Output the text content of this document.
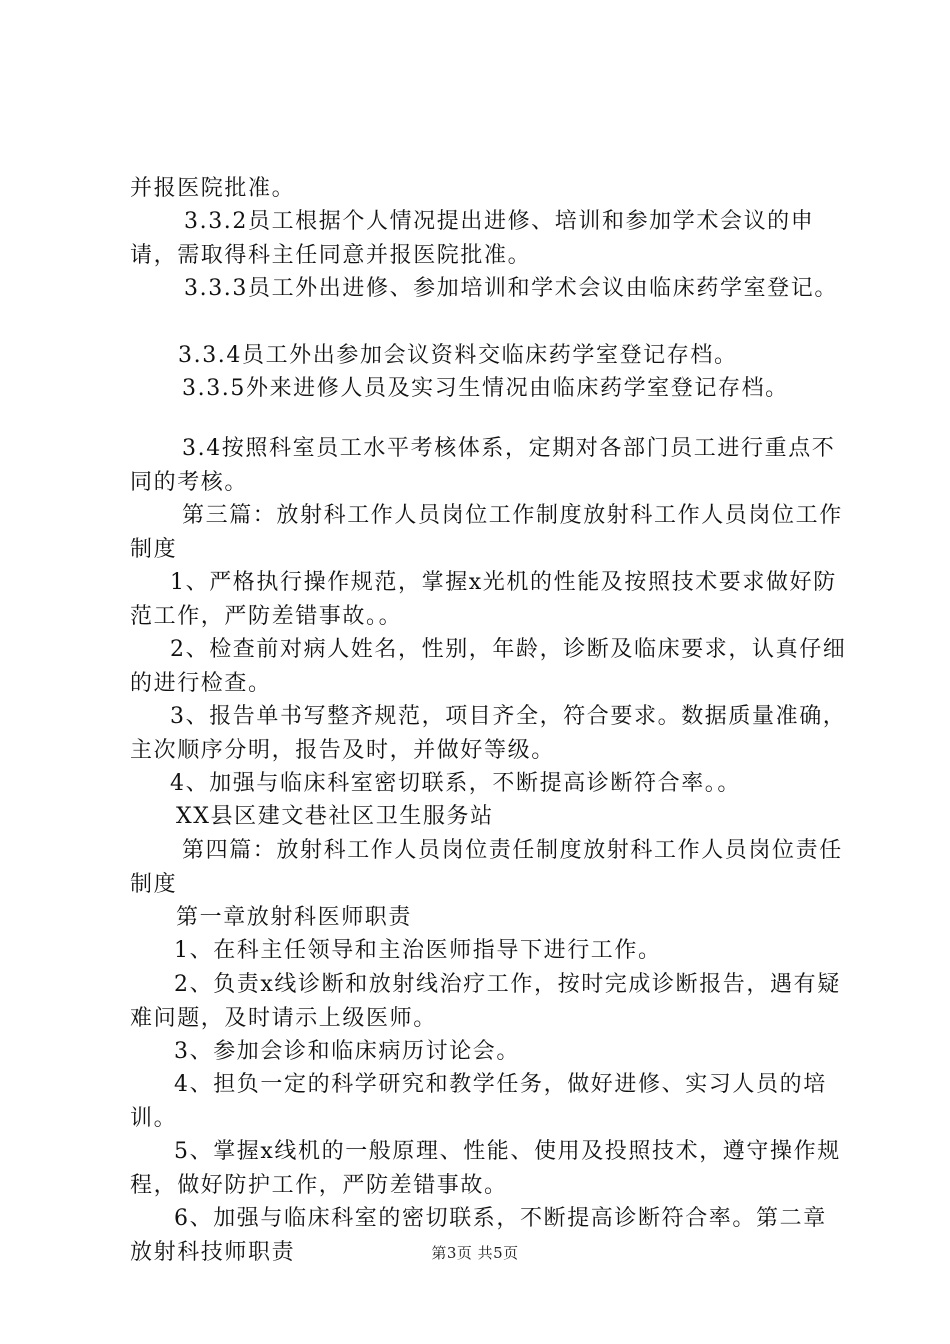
并报医院批准。
3.3.2员工根据个人情况提出进修、培训和参加学术会议的申请，需取得科主任同意并报医院批准。
3.3.3员工外出进修、参加培训和学术会议由临床药学室登记。
3.3.4员工外出参加会议资料交临床药学室登记存档。
3.3.5外来进修人员及实习生情况由临床药学室登记存档。
3.4按照科室员工水平考核体系，定期对各部门员工进行重点不同的考核。
第三篇：放射科工作人员岗位工作制度放射科工作人员岗位工作制度
1、严格执行操作规范，掌握x光机的性能及按照技术要求做好防范工作，严防差错事故。。
2、检查前对病人姓名，性别，年龄，诊断及临床要求，认真仔细的进行检查。
3、报告单书写整齐规范，项目齐全，符合要求。数据质量准确，主次顺序分明，报告及时，并做好等级。
4、加强与临床科室密切联系，不断提高诊断符合率。。
XX县区建文巷社区卫生服务站
第四篇：放射科工作人员岗位责任制度放射科工作人员岗位责任制度
第一章放射科医师职责
1、在科主任领导和主治医师指导下进行工作。
2、负责x线诊断和放射线治疗工作，按时完成诊断报告，遇有疑难问题，及时请示上级医师。
3、参加会诊和临床病历讨论会。
4、担负一定的科学研究和教学任务，做好进修、实习人员的培训。
5、掌握x线机的一般原理、性能、使用及投照技术，遵守操作规程，做好防护工作，严防差错事故。
6、加强与临床科室的密切联系，不断提高诊断符合率。第二章放射科技师职责	第3页 共5页
